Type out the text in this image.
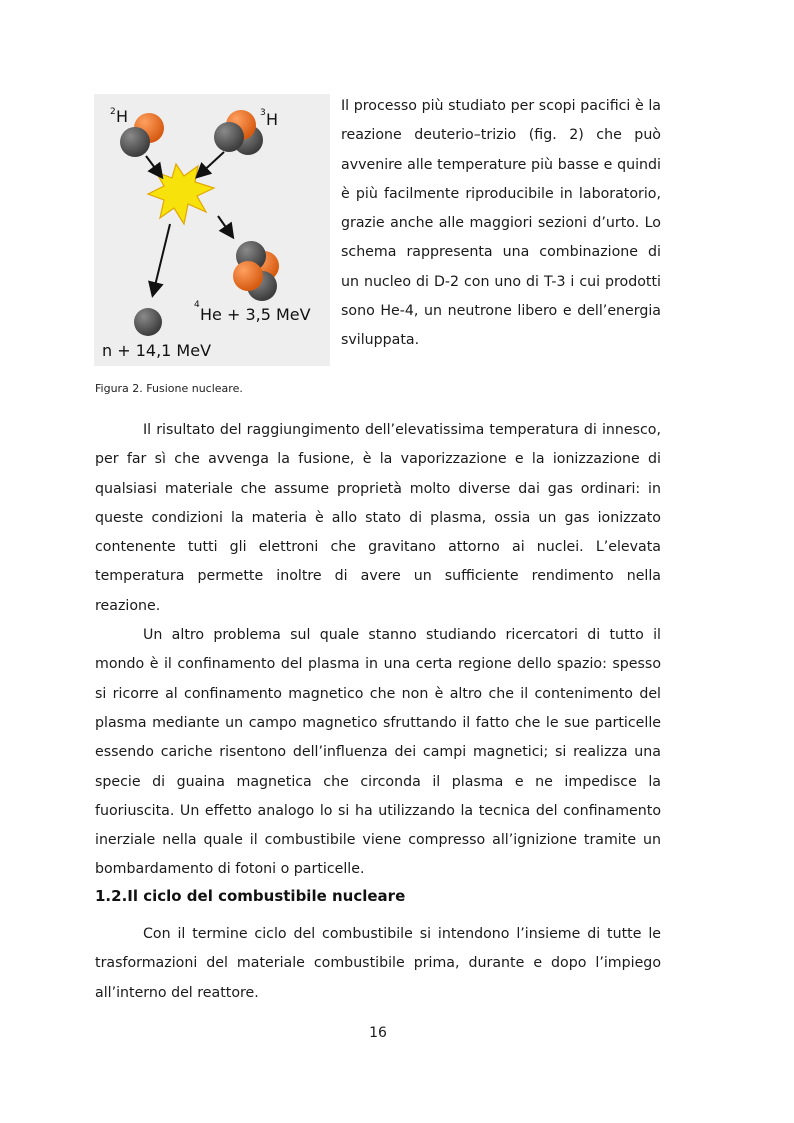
2 H	3 H
4 He + 3,5 MeV
n + 14,1 MeV

Il processo più studiato per scopi pacifici è la reazione deuterio–trizio (fig. 2) che può avvenire alle temperature più basse e quindi è più facilmente riproducibile in laboratorio, grazie anche alle maggiori sezioni d’urto. Lo schema rappresenta una combinazione di un nucleo di D-2 con uno di T-3 i cui prodotti sono He-4, un neutrone libero e dell’energia sviluppata.

Figura 2. Fusione nucleare.

Il risultato del raggiungimento dell’elevatissima temperatura di innesco, per far sì che avvenga la fusione, è la vaporizzazione e la ionizzazione di qualsiasi materiale che assume proprietà molto diverse dai gas ordinari: in queste condizioni la materia è allo stato di plasma, ossia un gas ionizzato contenente tutti gli elettroni che gravitano attorno ai nuclei. L’elevata temperatura permette inoltre di avere un sufficiente rendimento nella reazione.

Un altro problema sul quale stanno studiando ricercatori di tutto il mondo è il confinamento del plasma in una certa regione dello spazio: spesso si ricorre al confinamento magnetico che non è altro che il contenimento del plasma mediante un campo magnetico sfruttando il fatto che le sue particelle essendo cariche risentono dell’influenza dei campi magnetici; si realizza una specie di guaina magnetica che circonda il plasma e ne impedisce la fuoriuscita. Un effetto analogo lo si ha utilizzando la tecnica del confinamento inerziale nella quale il combustibile viene compresso all’ignizione tramite un bombardamento di fotoni o particelle.

1.2.Il ciclo del combustibile nucleare

Con il termine ciclo del combustibile si intendono l’insieme di tutte le trasformazioni del materiale combustibile prima, durante e dopo l’impiego all’interno del reattore.

16
